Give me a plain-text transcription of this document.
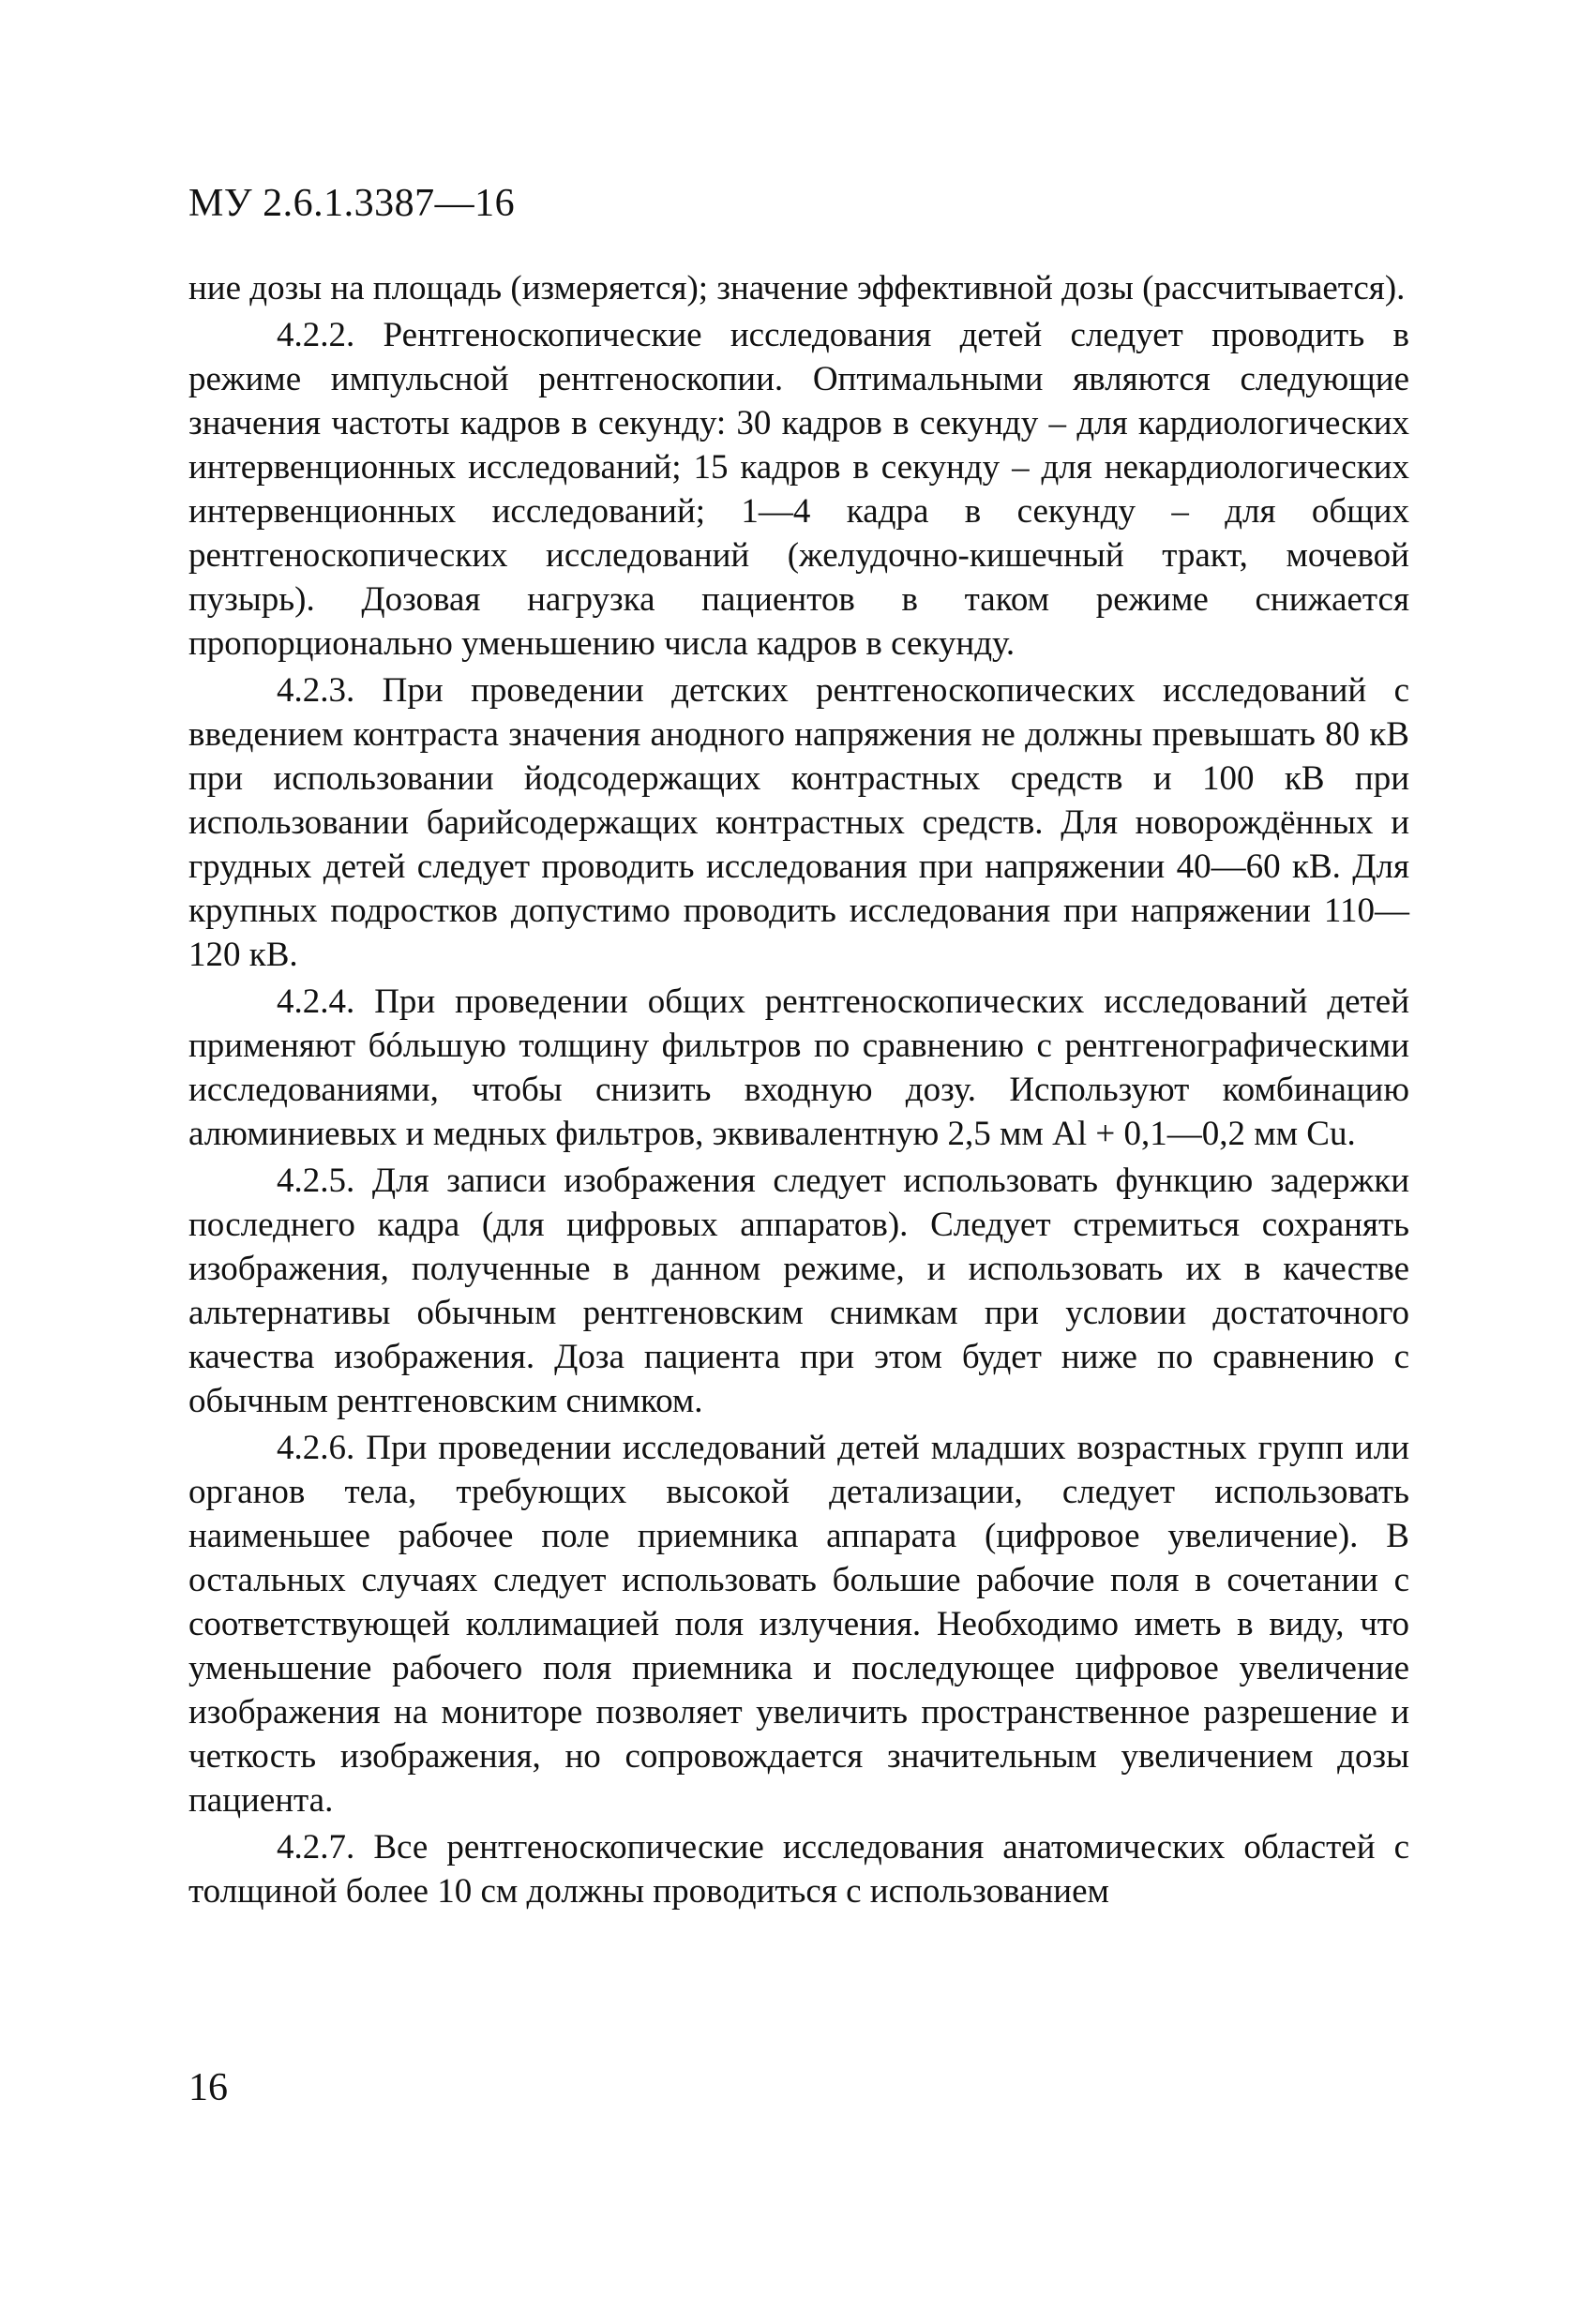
МУ 2.6.1.3387—16

ние дозы на площадь (измеряется); значение эффективной дозы (рассчитывается).

4.2.2. Рентгеноскопические исследования детей следует проводить в режиме импульсной рентгеноскопии. Оптимальными являются следующие значения частоты кадров в секунду: 30 кадров в секунду – для кардиологических интервенционных исследований; 15 кадров в секунду – для некардиологических интервенционных исследований; 1—4 кадра в секунду – для общих рентгеноскопических исследований (желудочно-кишечный тракт, мочевой пузырь). Дозовая нагрузка пациентов в таком режиме снижается пропорционально уменьшению числа кадров в секунду.

4.2.3. При проведении детских рентгеноскопических исследований с введением контраста значения анодного напряжения не должны превышать 80 кВ при использовании йодсодержащих контрастных средств и 100 кВ при использовании барийсодержащих контрастных средств. Для новорождённых и грудных детей следует проводить исследования при напряжении 40—60 кВ. Для крупных подростков допустимо проводить исследования при напряжении 110—120 кВ.

4.2.4. При проведении общих рентгеноскопических исследований детей применяют бóльшую толщину фильтров по сравнению с рентгенографическими исследованиями, чтобы снизить входную дозу. Используют комбинацию алюминиевых и медных фильтров, эквивалентную 2,5 мм Al + 0,1—0,2 мм Cu.

4.2.5. Для записи изображения следует использовать функцию задержки последнего кадра (для цифровых аппаратов). Следует стремиться сохранять изображения, полученные в данном режиме, и использовать их в качестве альтернативы обычным рентгеновским снимкам при условии достаточного качества изображения. Доза пациента при этом будет ниже по сравнению с обычным рентгеновским снимком.

4.2.6. При проведении исследований детей младших возрастных групп или органов тела, требующих высокой детализации, следует использовать наименьшее рабочее поле приемника аппарата (цифровое увеличение). В остальных случаях следует использовать большие рабочие поля в сочетании с соответствующей коллимацией поля излучения. Необходимо иметь в виду, что уменьшение рабочего поля приемника и последующее цифровое увеличение изображения на мониторе позволяет увеличить пространственное разрешение и четкость изображения, но сопровождается значительным увеличением дозы пациента.

4.2.7. Все рентгеноскопические исследования анатомических областей с толщиной более 10 см должны проводиться с использованием

16
